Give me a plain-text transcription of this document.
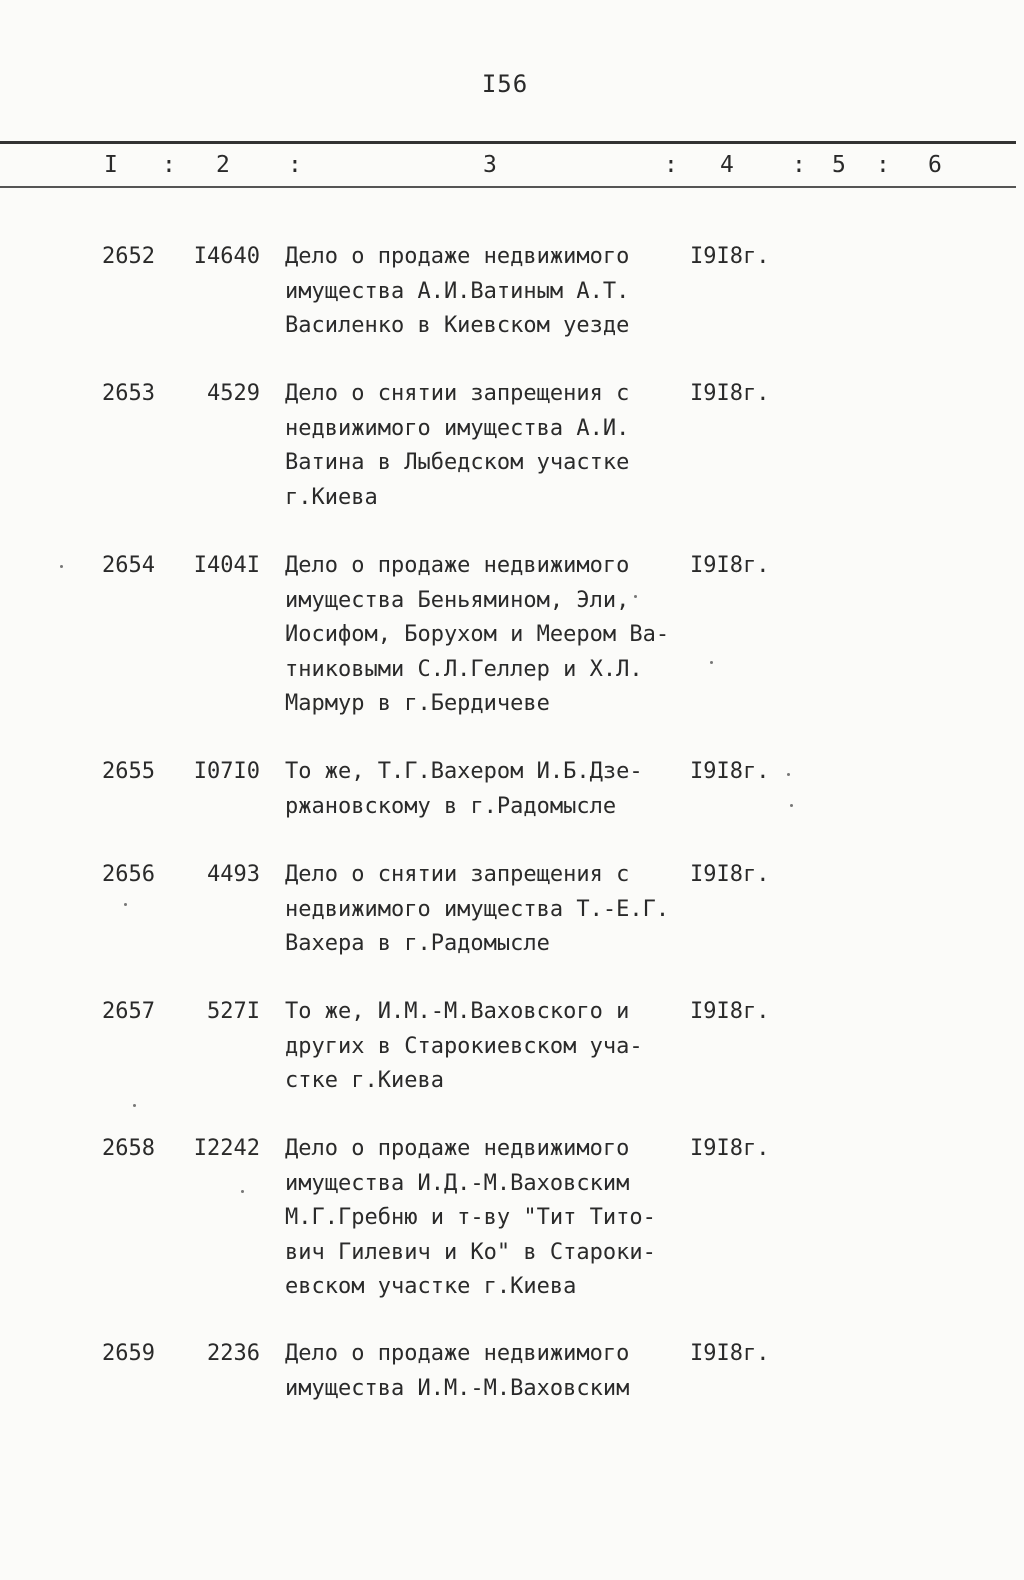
I56
I : 2	:	3	: 4	: 5 : 6
2652	I4640 Дело о продаже недвижимого
имущества А.И.Ватиным А.Т.
Василенко в Киевском уезде
I9I8г.
2653	4529 Дело о снятии запрещения с
недвижимого имущества А.И.
Ватина в Лыбедском участке
г.Киева
I9I8г.
2654	I404I Дело о продаже недвижимого
имущества Беньямином, Эли,
Иосифом, Борухом и Меером Ва-
тниковыми С.Л.Геллер и Х.Л.
Мармур в г.Бердичеве
I9I8г.
2655	I07I0 То же, Т.Г.Вахером И.Б.Дзе-
ржановскому в г.Радомысле
I9I8г.
2656	4493 Дело о снятии запрещения с
недвижимого имущества Т.-Е.Г.
Вахера в г.Радомысле
I9I8г.
2657	527I То же, И.М.-М.Ваховского и
других в Старокиевском уча-
стке г.Киева
I9I8г.
2658	I2242 Дело о продаже недвижимого
имущества И.Д.-М.Ваховским
М.Г.Гребню и т-ву "Тит Тито-
вич Гилевич и Ко" в Староки-
евском участке г.Киева
I9I8г.
2659	2236 Дело о продаже недвижимого
имущества И.М.-М.Ваховским
I9I8г.
